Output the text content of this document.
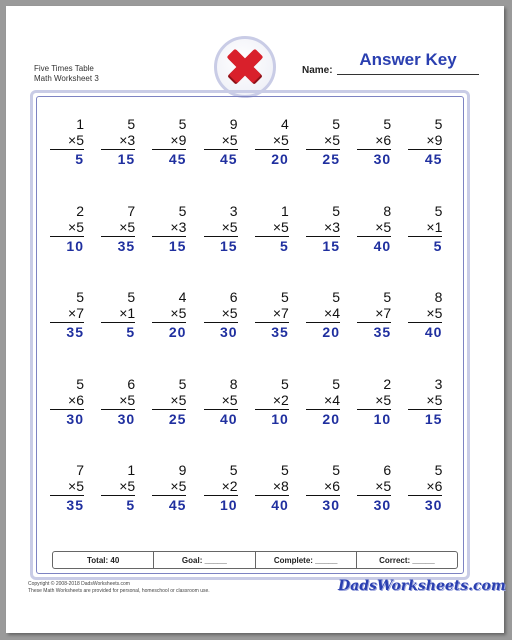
Five Times Table
Math Worksheet 3
Name:
Answer Key
1
×5
5
5
×3
15
5
×9
45
9
×5
45
4
×5
20
5
×5
25
5
×6
30
5
×9
45
2
×5
10
7
×5
35
5
×3
15
3
×5
15
1
×5
5
5
×3
15
8
×5
40
5
×1
5
5
×7
35
5
×1
5
4
×5
20
6
×5
30
5
×7
35
5
×4
20
5
×7
35
8
×5
40
5
×6
30
6
×5
30
5
×5
25
8
×5
40
5
×2
10
5
×4
20
2
×5
10
3
×5
15
7
×5
35
1
×5
5
9
×5
45
5
×2
10
5
×8
40
5
×6
30
6
×5
30
5
×6
30
Total: 40	Goal: _____	Complete: _____	Correct: _____
Copyright © 2008-2018 DadsWorksheets.com
These Math Worksheets are provided for personal, homeschool or classroom use.	DadsWorksheets.com
